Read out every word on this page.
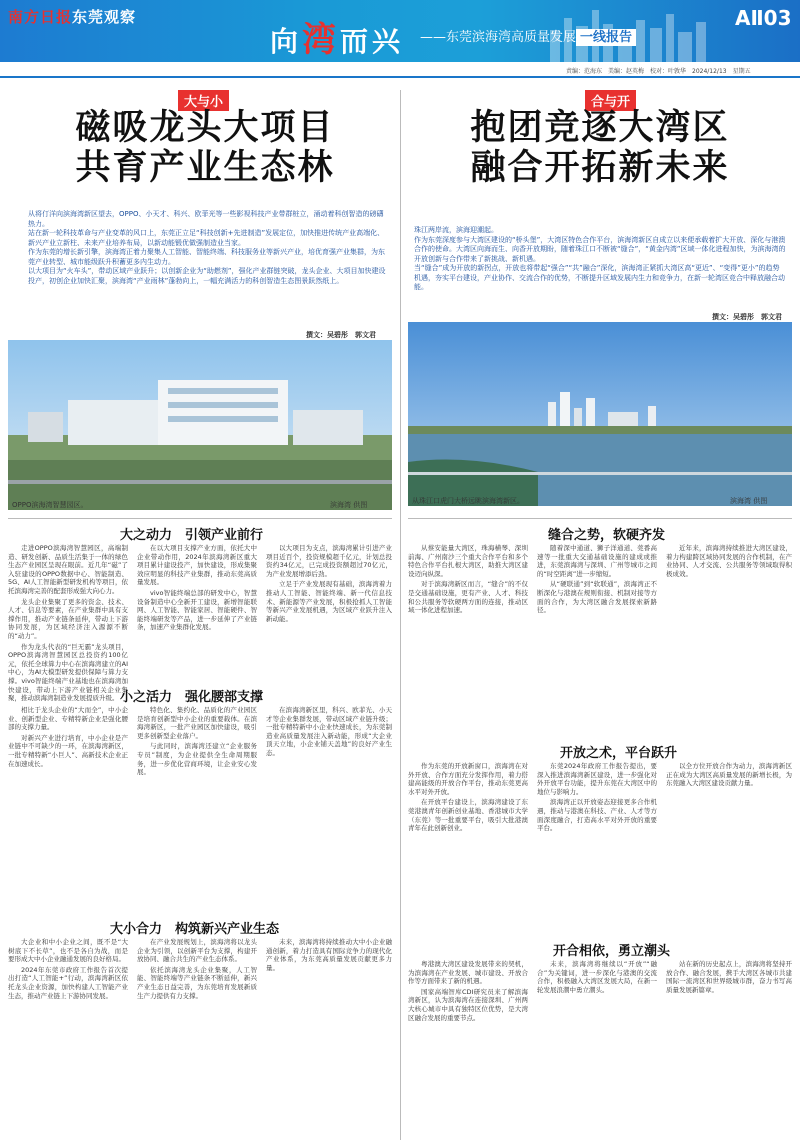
南方日报东莞观察
向湾而兴 ——东莞滨海湾高质量发展 一线报告
AⅡ03
责编：范海东　美编：赵英梅　校对：叶敦华　2024/12/13　星期五
大与小
磁吸龙头大项目
共育产业生态林
从将仃洋向滨海湾新区望去，OPPO、小天才、科兴、欧菲光等一些影视科技产业带群桩立，涌动着科创智造的磅礴热力。
站在新一轮科技革命与产业变革的风口上，东莞正立足“科技创新+先进制造”发展定位，加快推进传统产业高端化、新兴产业立新柱、未来产业培养布局，以新动能锻优做强制造业当家。
作为东莞的增长新引擎，滨海湾正着力聚集人工智能、智能终端、科技服务业等新兴产业，培优育强产业集群，为东莞产业转型、城市能级跃升积蓄更多内生动力。
以大项目为“火车头”，带动区域产业跃升；以创新企业为“助燃剂”，强化产业群链突破，龙头企业、大项目加快建设投产，初创企业加快汇聚，滨海湾“产业雨林”蓬勃向上，一幅充满活力的科创智造生态图景跃然纸上。
撰文：吴碧彤　郭文君
OPPO滨海湾智慧园区。	滨海湾 供图
合与开
抱团竞逐大湾区
融合开拓新未来
珠江两岸流，滨海迎潮起。
作为东莞深度参与大湾区建设的“桥头堡”，大湾区特色合作平台，滨海湾新区自成立以来便承载着扩大开放、深化与港澳合作的使命。大湾区向海而生、向香开放期盼，随着珠江口不断被“缝合”，“黄金内湾”区域一体化进程加快，为滨海湾的开放创新与合作带来了新挑战、新机遇。
当“缝合”成为开放的新拐点，开放也将带起“强合”“共”融合”深化，滨海湾正紧抓大湾区高“更近”、“变得”更小”的趋势机遇，夯实平台建设，产业协作、交流合作的优势，不断提升区域发展内生力和竞争力，在新一轮湾区竞合中释放融合动能。
撰文：吴碧彤　郭文君
从珠江口虎门大桥远眺滨海湾新区。	滨海湾 供图
大之动力　引领产业前行

走进OPPO滨海湾智慧园区，高端制造、研发创新、品质生活集于一体的绿色生态产业园区呈现在眼前。近几年“磁”了入驻建设的OPPO数据中心、智能制造、5G、AI人工智能新型研发机构等项目，依托滨海湾完善的配套形成强大向心力。

龙头企业集聚了更多的资金、技术、人才、信息等要素，在产业集群中具有支撑作用，推动产业链条延伸，带动上下游协同发展，为区域经济注入源源不断的“动力”。

作为龙头代表的“巨无霸”龙头项目，OPPO滨海湾智慧园区总投资约100亿元，依托全球算力中心在滨海湾建立的AI中心，为AI大模型研发提供保障与算力支撑。vivo智能终端产业基地也在滨海湾加快建设，带动上下游产业链相关企业集聚，推动滨海湾制造业发展提质升级。

在以大项目支撑产业方面，依托大中企业带动作用，2024年滨海湾新区重大项目累计建设投产，加快建设，形成集聚效应明显的科技产业集群，推动东莞高质量发展。

vivo智能终端总部的研发中心，智慧设备制造中心全新开工建设，新增智能联网、人工智能、智能家居、智能硬件、智能终端研发等产品，进一步延伸了产业链条，加速产业集群化发展。

以大项目为支点，滨海湾累计引进产业项目近百个，投资规模超千亿元，计划总投资约34亿元，已完成投资额超过70亿元，为产业发展增添后劲。

立足于产业发展现有基础，滨海湾着力推动人工智能、智能终端、新一代信息技术、新能源等产业发展，积极抢抓人工智能等新兴产业发展机遇，为区域产业跃升注入新动能。

小之活力　强化腰部支撑

相比于龙头企业的“大而全”，中小企业、创新型企业、专精特新企业是强化腰部的支撑力量。

对新兴产业进行培育，中小企业是产业链中不可缺少的一环，在滨海湾新区，一批专精特新“小巨人”、高新技术企业正在加速成长。

特色化、集约化、品质化的产业园区是培育创新型中小企业的重要载体。在滨海湾新区，一批产业园区加快建设，吸引更多创新型企业落户。

与此同时，滨海湾还建立“企业服务专员”制度，为企业提供全生命周期服务，进一步优化营商环境，让企业安心发展。

在滨海湾新区里，科兴、欧菲光、小天才等企业集群发展，带动区域产业链升级；一批专精特新中小企业快速成长，为东莞制造业高质量发展注入新动能，形成“大企业顶天立地，小企业铺天盖地”的良好产业生态。

大小合力　构筑新兴产业生态

大企业和中小企业之间，既不是“大树底下不长草”，也不是各自为战，而是要形成大中小企业融通发展的良好格局。

2024年东莞市政府工作报告首次提出打造“人工智能+”行动，滨海湾新区依托龙头企业资源，加快构建人工智能产业生态，推动产业链上下游协同发展。

在产业发展规划上，滨海湾将以龙头企业为引领，以创新平台为支撑，构建开放协同、融合共生的产业生态体系。

依托滨海湾龙头企业集聚，人工智能、智能终端等产业链条不断延伸，新兴产业生态日益完善，为东莞培育发展新质生产力提供有力支撑。

未来，滨海湾将持续推动大中小企业融通创新，着力打造具有国际竞争力的现代化产业体系，为东莞高质量发展贡献更多力量。

缝合之势，软硬齐发

从蔡安能量大湾区，珠海横琴、深圳前海、广州南沙三个重大合作平台和多个特色合作平台扎根大湾区，助推大湾区建设迈向纵深。

对于滨海湾新区而言，“缝合”的不仅是交通基础设施，更有产业、人才、科技和公共服务等软硬两方面的连接，推动区域一体化进程加速。

随着深中通道、狮子洋通道、莞番高速等一批重大交通基础设施的建成或推进，东莞滨海湾与深圳、广州等城市之间的“时空距离”进一步缩短。

从“硬联通”到“软联通”，滨海湾正不断深化与港澳在规则衔接、机制对接等方面的合作，为大湾区融合发展探索新路径。

近年来，滨海湾持续推进大湾区建设，着力构建跨区域协同发展的合作机制，在产业协同、人才交流、公共服务等领域取得积极成效。

开放之术，平台跃升

作为东莞的开放新窗口，滨海湾在对外开放、合作方面充分发挥作用，着力搭建高能级的开放合作平台，推动东莞更高水平对外开放。

在开放平台建设上，滨海湾建设了东莞港澳青年创新创业基地、香港城市大学（东莞）等一批重要平台，吸引大批港澳青年在此创新创业。

东莞2024年政府工作报告提出，要深入推进滨海湾新区建设，进一步强化对外开放平台功能，提升东莞在大湾区中的地位与影响力。

滨海湾正以开放姿态迎接更多合作机遇，推动与港澳在科技、产业、人才等方面深度融合，打造高水平对外开放的重要平台。

以全方位开放合作为动力，滨海湾新区正在成为大湾区高质量发展的新增长极，为东莞融入大湾区建设贡献力量。

开合相依，勇立潮头

粤港澳大湾区建设发展带来的契机，为滨海湾在产业发展、城市建设、开放合作等方面带来了新的机遇。

国家高端智库CDI研究员来了解滨海湾新区，认为滨海湾在连接深圳、广州两大核心城市中具有独特区位优势，是大湾区融合发展的重要节点。

未来，滨海湾将继续以“开放”“融合”为关键词，进一步深化与港澳的交流合作，积极融入大湾区发展大局，在新一轮发展浪潮中勇立潮头。

站在新的历史起点上，滨海湾将坚持开放合作、融合发展，携手大湾区各城市共建国际一流湾区和世界级城市群，奋力书写高质量发展新篇章。
